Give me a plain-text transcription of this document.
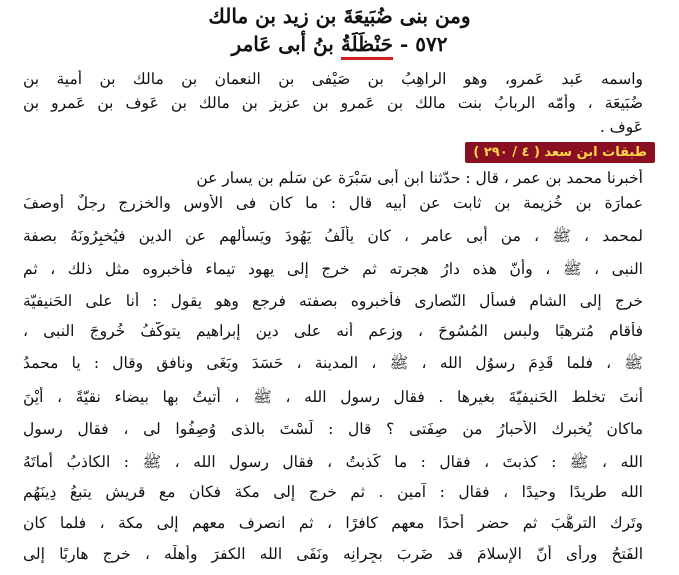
ومن بنى ضُبَيعَةَ بن زيد بن مالك
٥٧٢ - حَنْظَلَةُ بنُ أبى عَامر
واسمه عَبد عَمرو، وهو الراهِبُ بن صَيْفى بن النعمان بن مالك بن أمية بن
ضُبَيعَة ، وأمّه الربابُ بنت مالك بن عَمرو بن عزيز بن مالك بن عَوف بن عَمرو بن
عَوف .
طبقات ابن سعد ( ٤ / ٢٩٠ )
أخبرنا محمد بن عمر ، قال : حدّثنا ابن أبى سَبْرَة عن سَلم بن يسار عن
عمارَة بن خُزيمة بن ثابت عن أبيه قال : ما كان فى الأوس والخزرج رجلٌ أوصفَ
لمحمد ، ﷺ ، من أبى عامر ، كان يألَفُ يَهُودَ ويَسألهم عن الدين فيُخبِرُونَهُ بصفة
النبى ، ﷺ ، وأنّ هذه دارُ هجرته ثم خرج إلى يهود تيماء فأخبروه مثل ذلك ، ثم
خرج إلى الشام فسأل النّصارى فأخبروه بصفته فرجع وهو يقول : أنا على الحَنيفيّة
فأقام مُترهبًا ولبس المُسُوحَ ، وزعم أنه على دين إبراهيم يتوكّفُ خُروجَ النبى ،
ﷺ ، فلما قَدِمَ رسوُل الله ، ﷺ ، المدينة ، حَسَدَ وبَغَى ونافق وقال : يا محمدُ
أنتَ تخلط الحَنيفيّةَ بغيرها . فقال رسول الله ، ﷺ ، أتيتُ بها بيضاء نقيّةً ، أيْنَ
ماكان يُخبرك الأحبارُ من صِفَتى ؟ قال : لَسْتَ بالذى وُصِفُوا لى ، فقال رسول
الله ، ﷺ : كذبتَ ، فقال : ما كَذبتُ ، فقال رسول الله ، ﷺ : الكاذبُ أماتَهُ
الله طريدًا وحيدًا ، فقال : آمين . ثم خرج إلى مكة فكان مع قريش يتبعُ دِينَهُم
وتَرك الترهُّبَ ثم حضر أُحدًا معهم كافرًا ، ثم انصرف معهم إلى مكة ، فلما كان
الفَتحُ ورأى أنّ الإسلامَ قد ضَربَ بجِرانِه ونَفَى الله الكفرَ وأهلَه ، خرج هاربًا إلى
